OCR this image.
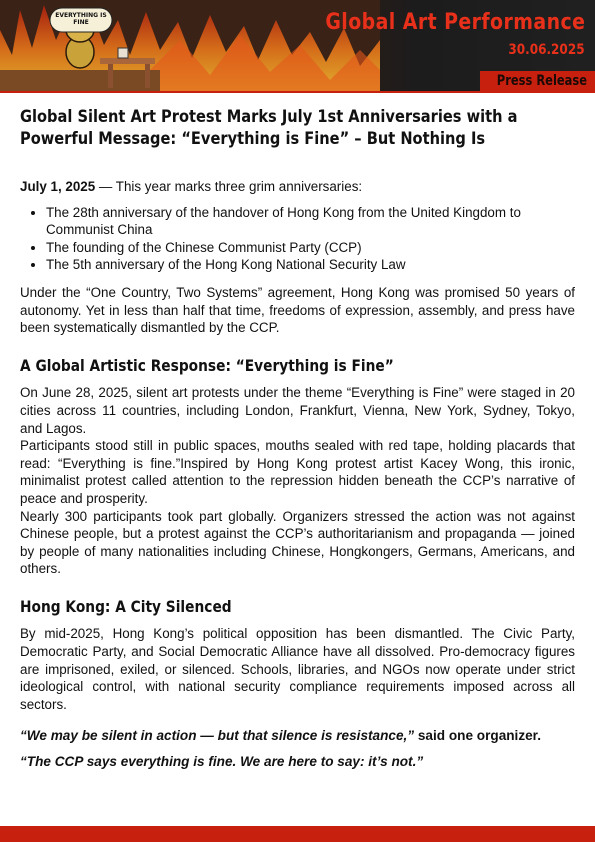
EVERYTHING IS FINE	Global Art Performance
30.06.2025
Press Release
Global Silent Art Protest Marks July 1st Anniversaries with a Powerful Message: “Everything is Fine” – But Nothing Is

July 1, 2025 — This year marks three grim anniversaries:

• The 28th anniversary of the handover of Hong Kong from the United Kingdom to Communist China
• The founding of the Chinese Communist Party (CCP)
• The 5th anniversary of the Hong Kong National Security Law

Under the “One Country, Two Systems” agreement, Hong Kong was promised 50 years of autonomy. Yet in less than half that time, freedoms of expression, assembly, and press have been systematically dismantled by the CCP.

A Global Artistic Response: “Everything is Fine”

On June 28, 2025, silent art protests under the theme “Everything is Fine” were staged in 20 cities across 11 countries, including London, Frankfurt, Vienna, New York, Sydney, Tokyo, and Lagos.

Participants stood still in public spaces, mouths sealed with red tape, holding placards that read: “Everything is fine.”Inspired by Hong Kong protest artist Kacey Wong, this ironic, minimalist protest called attention to the repression hidden beneath the CCP’s narrative of peace and prosperity.

Nearly 300 participants took part globally. Organizers stressed the action was not against Chinese people, but a protest against the CCP’s authoritarianism and propaganda — joined by people of many nationalities including Chinese, Hongkongers, Germans, Americans, and others.

Hong Kong: A City Silenced

By mid-2025, Hong Kong’s political opposition has been dismantled. The Civic Party, Democratic Party, and Social Democratic Alliance have all dissolved. Pro-democracy figures are imprisoned, exiled, or silenced. Schools, libraries, and NGOs now operate under strict ideological control, with national security compliance requirements imposed across all sectors.

“We may be silent in action — but that silence is resistance,” said one organizer.

“The CCP says everything is fine. We are here to say: it’s not.”
